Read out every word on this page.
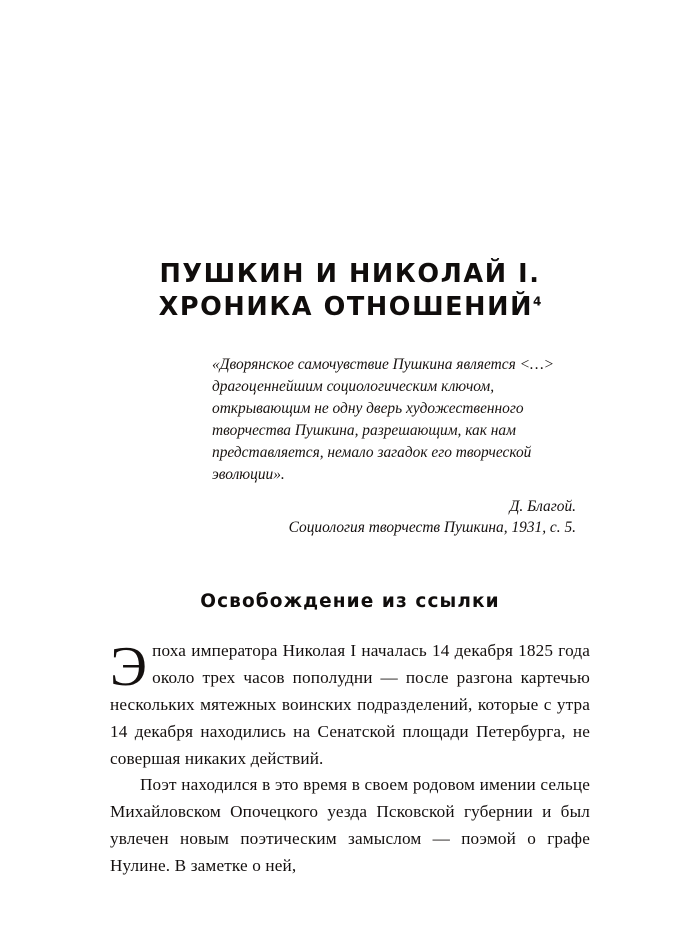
ПУШКИН И НИКОЛАЙ I.
ХРОНИКА ОТНОШЕНИЙ$^4$

«Дворянское самочувствие Пушкина является <…> драгоценнейшим социологическим ключом, открывающим не одну дверь художественного творчества Пушкина, разрешающим, как нам представляется, немало загадок его творческой эволюции».

Д. Благой.
Социология творчеств Пушкина, 1931, с. 5.
Освобождение из ссылки

Эпоха императора Николая I началась 14 декабря 1825 года около трех часов пополудни — после разгона картечью нескольких мятежных воинских подразделений, которые с утра 14 декабря находились на Сенатской площади Петербурга, не совершая никаких действий.

Поэт находился в это время в своем родовом имении сельце Михайловском Опочецкого уезда Псковской губернии и был увлечен новым поэтическим замыслом — поэмой о графе Нулине. В заметке о ней,
